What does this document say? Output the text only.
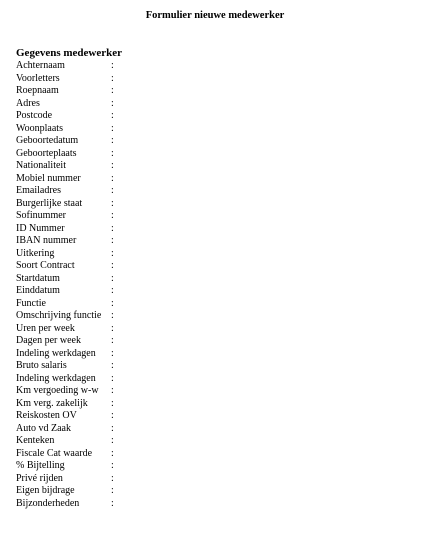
Formulier nieuwe medewerker
Gegevens medewerker
Achternaam	:
Voorletters	:
Roepnaam	:
Adres	:
Postcode	:
Woonplaats	:
Geboortedatum	:
Geboorteplaats	:
Nationaliteit	:
Mobiel nummer	:
Emailadres	:
Burgerlijke staat	:
Sofinummer	:
ID Nummer	:
IBAN nummer	:
Uitkering	:
Soort Contract	:
Startdatum	:
Einddatum	:
Functie	:
Omschrijving functie :
Uren per week	:
Dagen per week	:
Indeling werkdagen	:
Bruto salaris	:
Indeling werkdagen	:
Km vergoeding w-w	:
Km verg. zakelijk	:
Reiskosten OV	:
Auto vd Zaak	:
Kenteken	:
Fiscale Cat waarde	:
% Bijtelling	:
Privé rijden	:
Eigen bijdrage	:
Bijzonderheden	:
